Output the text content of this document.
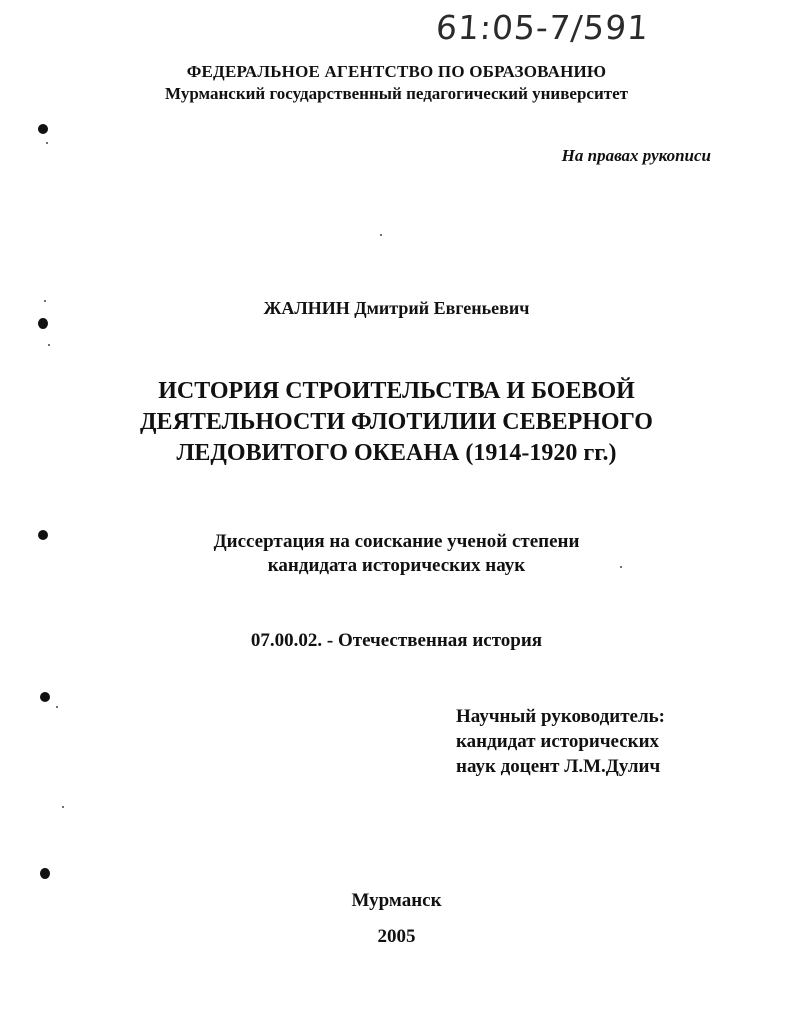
61:05-7/591
ФЕДЕРАЛЬНОЕ АГЕНТСТВО ПО ОБРАЗОВАНИЮ
Мурманский государственный педагогический университет
На правах рукописи
ЖАЛНИН Дмитрий Евгеньевич
ИСТОРИЯ СТРОИТЕЛЬСТВА И БОЕВОЙ
ДЕЯТЕЛЬНОСТИ ФЛОТИЛИИ СЕВЕРНОГО
ЛЕДОВИТОГО ОКЕАНА (1914-1920 гг.)
Диссертация на соискание ученой степени
кандидата исторических наук
07.00.02. - Отечественная история
Научный руководитель:
кандидат исторических
наук доцент Л.М.Дулич
Мурманск
2005
